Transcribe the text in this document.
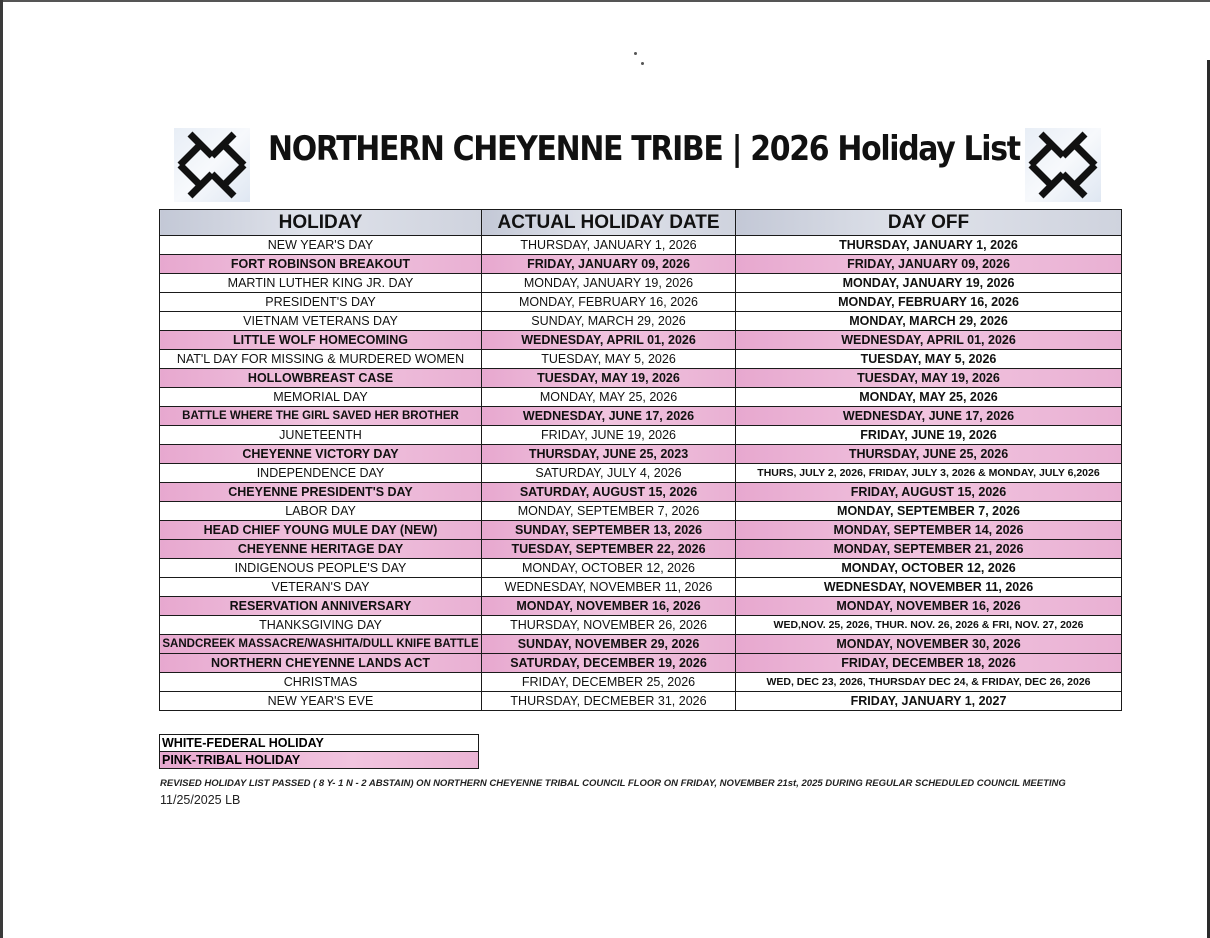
NORTHERN CHEYENNE TRIBE | 2026 Holiday List
HOLIDAY	ACTUAL HOLIDAY DATE	DAY OFF
NEW YEAR'S DAY	THURSDAY, JANUARY 1, 2026	THURSDAY, JANUARY 1, 2026
FORT ROBINSON BREAKOUT	FRIDAY, JANUARY 09, 2026	FRIDAY, JANUARY 09, 2026
MARTIN LUTHER KING JR. DAY	MONDAY, JANUARY 19, 2026	MONDAY, JANUARY 19, 2026
PRESIDENT'S DAY	MONDAY, FEBRUARY 16, 2026	MONDAY, FEBRUARY 16, 2026
VIETNAM VETERANS DAY	SUNDAY, MARCH 29, 2026	MONDAY, MARCH 29, 2026
LITTLE WOLF HOMECOMING	WEDNESDAY, APRIL 01, 2026	WEDNESDAY, APRIL 01, 2026
NAT'L DAY FOR MISSING & MURDERED WOMEN	TUESDAY, MAY 5, 2026	TUESDAY, MAY 5, 2026
HOLLOWBREAST CASE	TUESDAY, MAY 19, 2026	TUESDAY, MAY 19, 2026
MEMORIAL DAY	MONDAY, MAY 25, 2026	MONDAY, MAY 25, 2026
BATTLE WHERE THE GIRL SAVED HER BROTHER	WEDNESDAY, JUNE 17, 2026	WEDNESDAY, JUNE 17, 2026
JUNETEENTH	FRIDAY, JUNE 19, 2026	FRIDAY, JUNE 19, 2026
CHEYENNE VICTORY DAY	THURSDAY, JUNE 25, 2023	THURSDAY, JUNE 25, 2026
INDEPENDENCE DAY	SATURDAY, JULY 4, 2026	THURS, JULY 2, 2026, FRIDAY, JULY 3, 2026 & MONDAY, JULY 6,2026
CHEYENNE PRESIDENT'S DAY	SATURDAY, AUGUST 15, 2026	FRIDAY, AUGUST 15, 2026
LABOR DAY	MONDAY, SEPTEMBER 7, 2026	MONDAY, SEPTEMBER 7, 2026
HEAD CHIEF YOUNG MULE DAY (NEW)	SUNDAY, SEPTEMBER 13, 2026	MONDAY, SEPTEMBER 14, 2026
CHEYENNE HERITAGE DAY	TUESDAY, SEPTEMBER 22, 2026	MONDAY, SEPTEMBER 21, 2026
INDIGENOUS PEOPLE'S DAY	MONDAY, OCTOBER 12, 2026	MONDAY, OCTOBER 12, 2026
VETERAN'S DAY	WEDNESDAY, NOVEMBER 11, 2026	WEDNESDAY, NOVEMBER 11, 2026
RESERVATION ANNIVERSARY	MONDAY, NOVEMBER 16, 2026	MONDAY, NOVEMBER 16, 2026
THANKSGIVING DAY	THURSDAY, NOVEMBER 26, 2026	WED,NOV. 25, 2026, THUR. NOV. 26, 2026 & FRI, NOV. 27, 2026
SANDCREEK MASSACRE/WASHITA/DULL KNIFE BATTLE	SUNDAY, NOVEMBER 29, 2026	MONDAY, NOVEMBER 30, 2026
NORTHERN CHEYENNE LANDS ACT	SATURDAY, DECEMBER 19, 2026	FRIDAY, DECEMBER 18, 2026
CHRISTMAS	FRIDAY, DECEMBER 25, 2026	WED, DEC 23, 2026, THURSDAY DEC 24, & FRIDAY, DEC 26, 2026
NEW YEAR'S EVE	THURSDAY, DECMEBER 31, 2026	FRIDAY, JANUARY 1, 2027
WHITE-FEDERAL HOLIDAY
PINK-TRIBAL HOLIDAY
REVISED HOLIDAY LIST PASSED ( 8 Y- 1 N - 2 ABSTAIN) ON NORTHERN CHEYENNE TRIBAL COUNCIL FLOOR ON FRIDAY, NOVEMBER 21st, 2025 DURING REGULAR SCHEDULED COUNCIL MEETING
11/25/2025 LB
